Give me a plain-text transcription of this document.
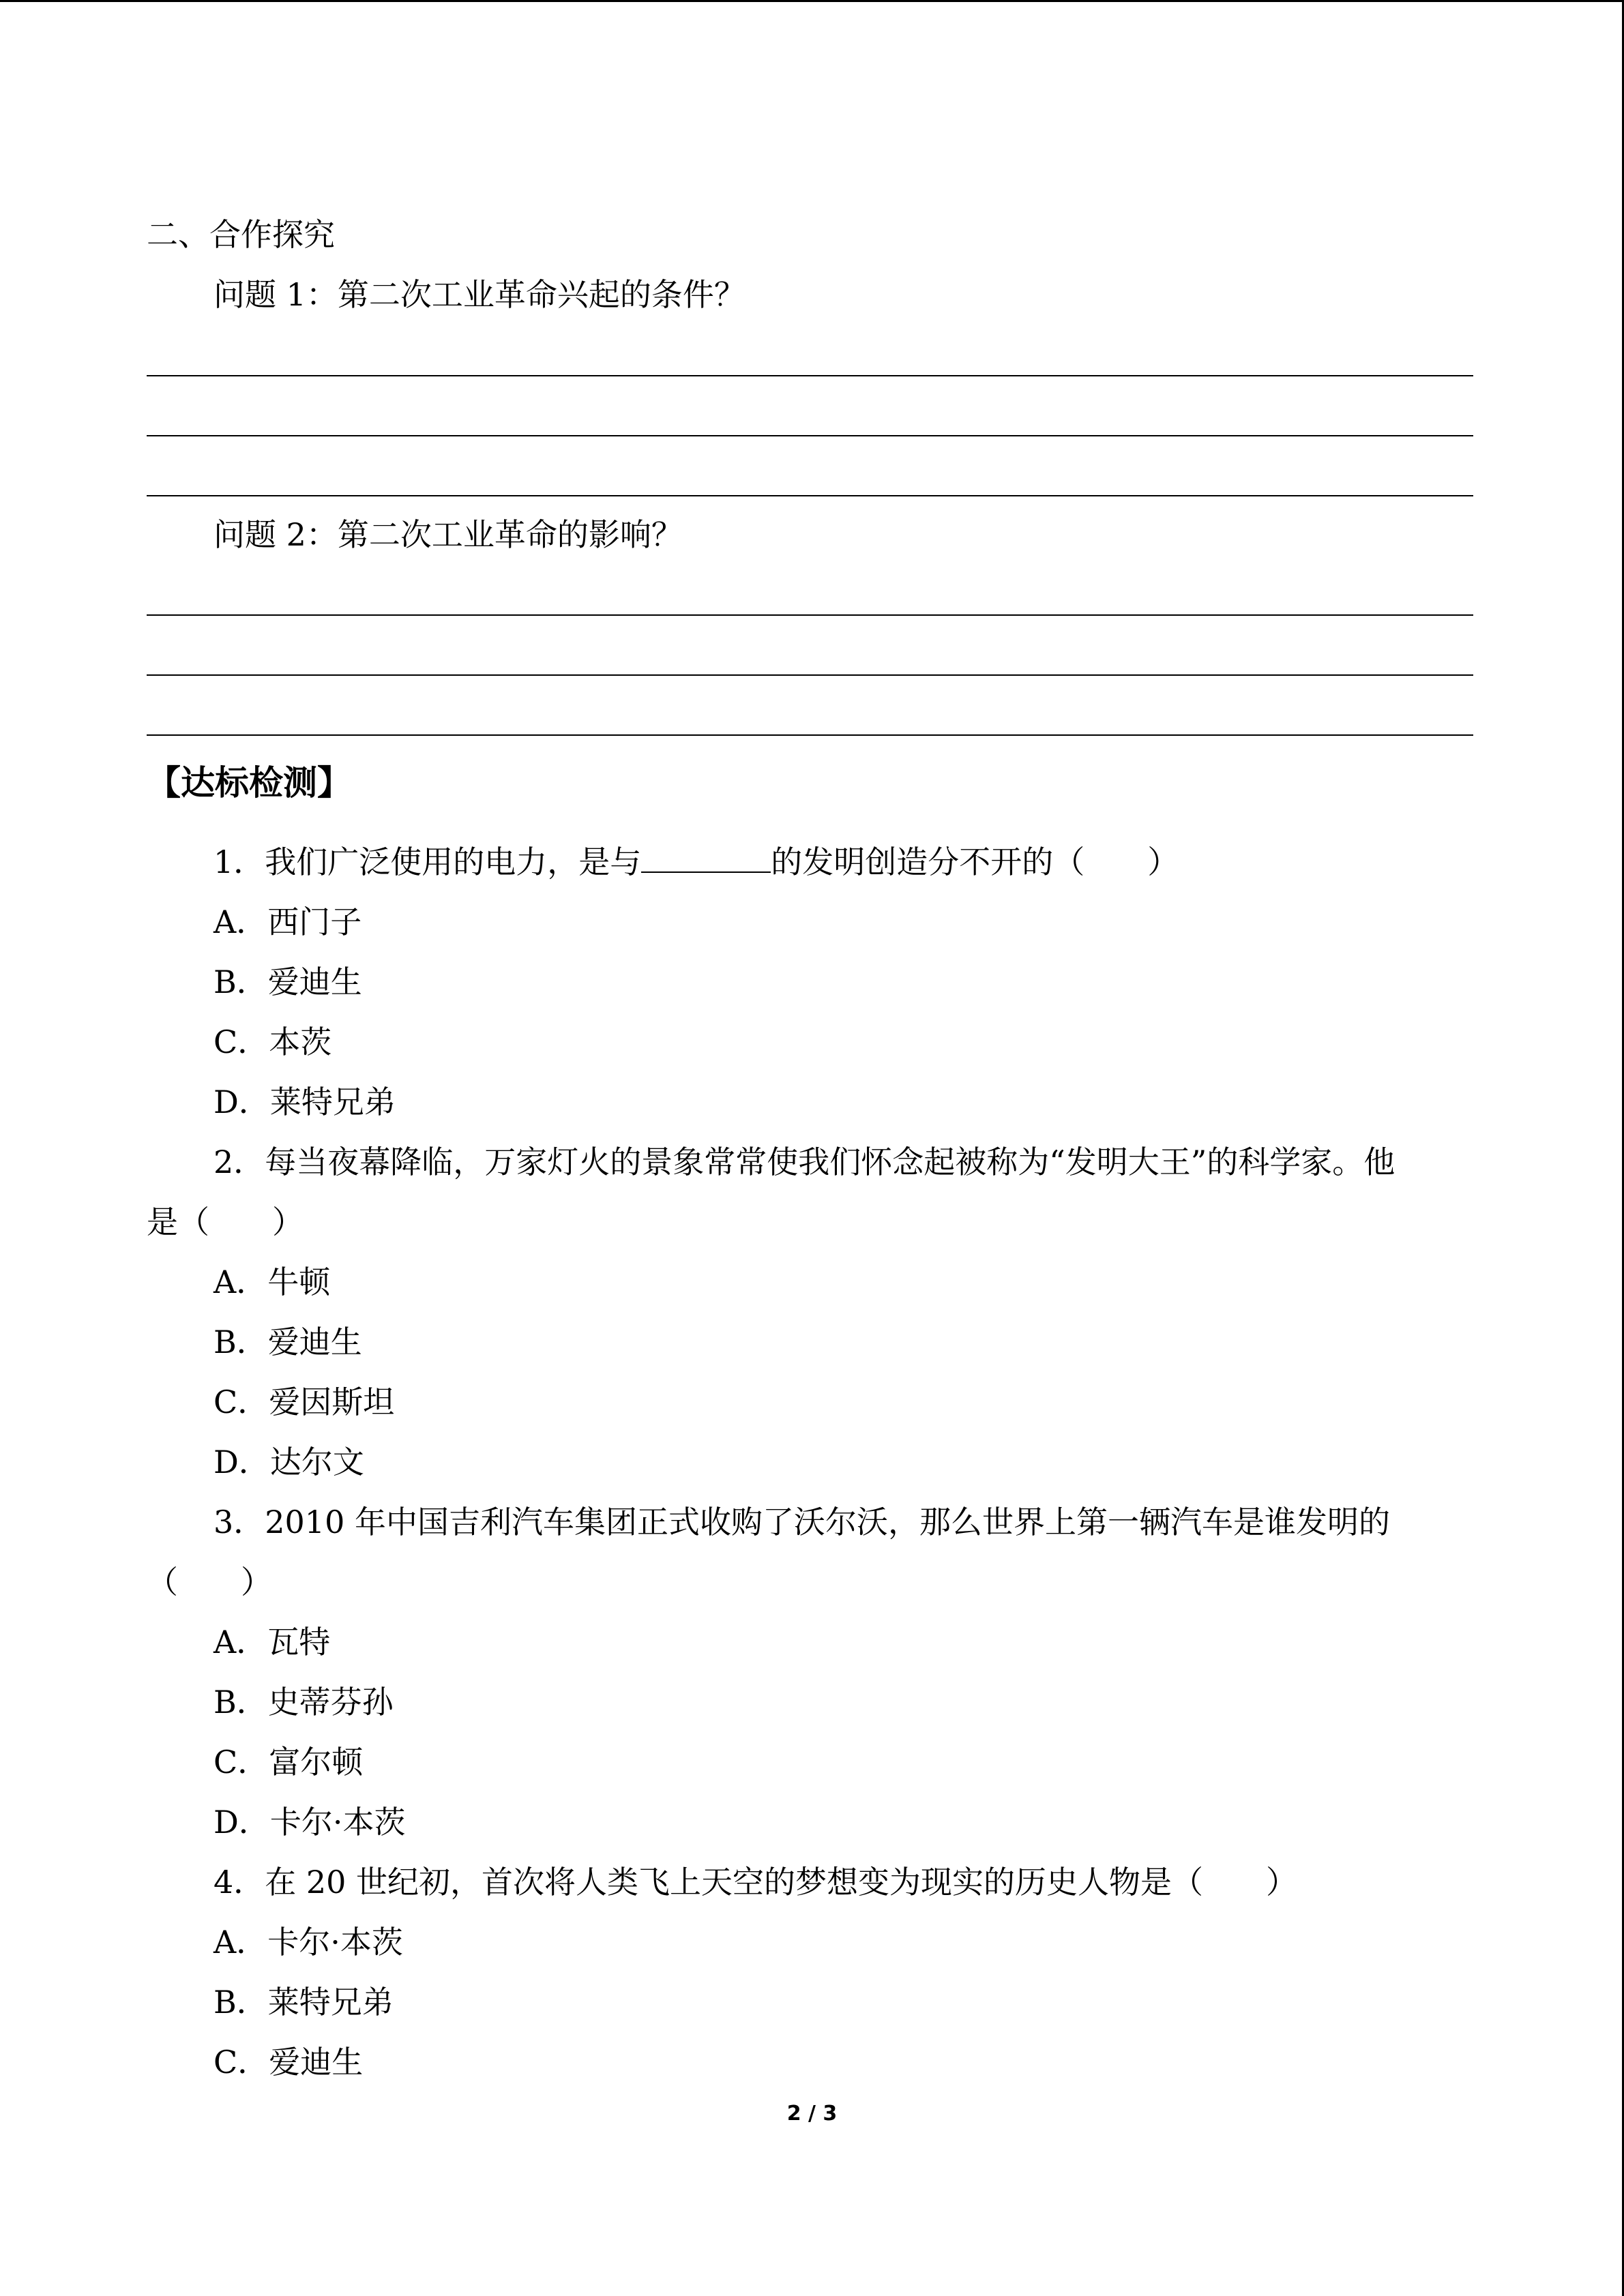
二、合作探究
问题 1：第二次工业革命兴起的条件？
问题 2：第二次工业革命的影响？
【达标检测】
1．我们广泛使用的电力，是与	的发明创造分不开的（　　）
A．西门子
B．爱迪生
C．本茨
D．莱特兄弟
2．每当夜幕降临，万家灯火的景象常常使我们怀念起被称为“发明大王”的科学家。他
是（　　）
A．牛顿
B．爱迪生
C．爱因斯坦
D．达尔文
3．2010 年中国吉利汽车集团正式收购了沃尔沃，那么世界上第一辆汽车是谁发明的
（　　）
A．瓦特
B．史蒂芬孙
C．富尔顿
D．卡尔·本茨
4．在 20 世纪初，首次将人类飞上天空的梦想变为现实的历史人物是（　　）
A．卡尔·本茨
B．莱特兄弟
C．爱迪生
2 / 3
